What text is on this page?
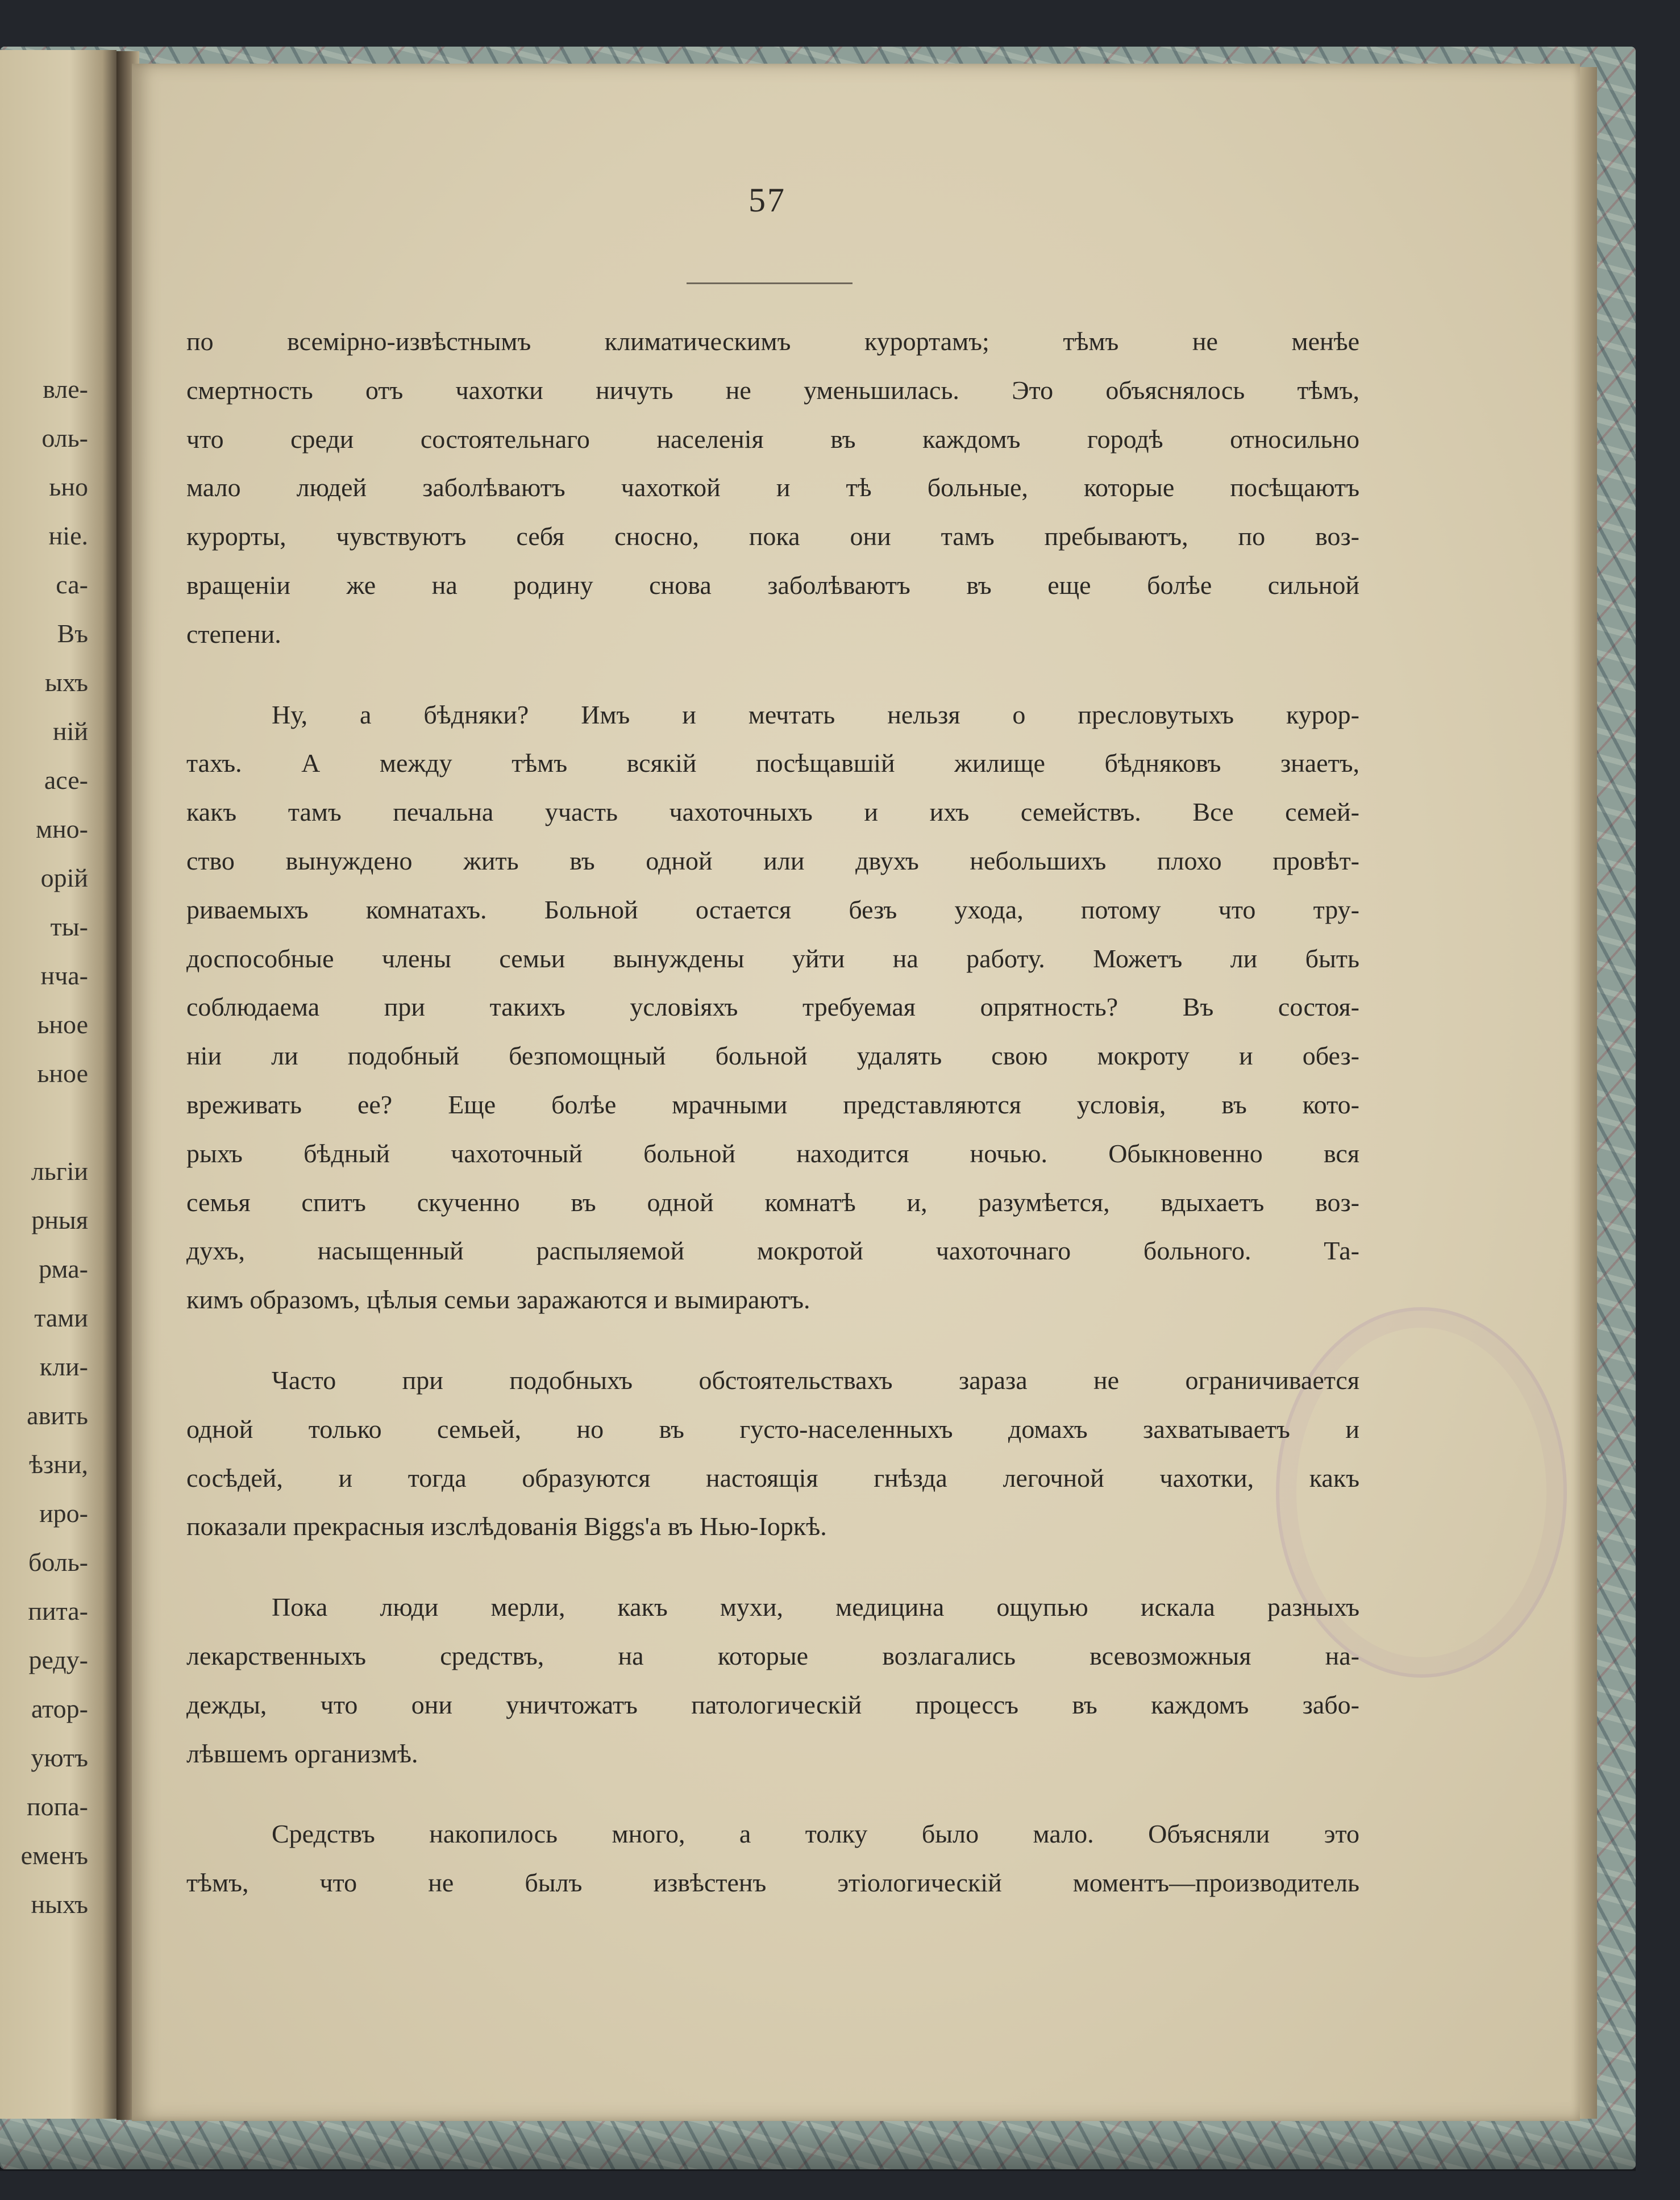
вле-
оль-
ьно
ніе.
са-
Въ
ыхъ
ній
асе-
мно-
орій
ты-
нча-
ьное
ьное
льгіи
рныя
рма-
тами
кли-
авить
ѣзни,
иро-
боль-
пита-
реду-
атор-
уютъ
попа-
еменъ
ныхъ
57
по всемірно-извѣстнымъ климатическимъ курортамъ; тѣмъ не менѣе
смертность отъ чахотки ничуть не уменьшилась. Это объяснялось тѣмъ,
что среди состоятельнаго населенія въ каждомъ городѣ относильно
мало людей заболѣваютъ чахоткой и тѣ больные, которые посѣщаютъ
курорты, чувствуютъ себя сносно, пока они тамъ пребываютъ, по воз-
вращеніи же на родину снова заболѣваютъ въ еще болѣе сильной
степени.
Ну, а бѣдняки? Имъ и мечтать нельзя о пресловутыхъ курор-
тахъ. А между тѣмъ всякій посѣщавшій жилище бѣдняковъ знаетъ,
какъ тамъ печальна участь чахоточныхъ и ихъ семействъ. Все семей-
ство вынуждено жить въ одной или двухъ небольшихъ плохо провѣт-
риваемыхъ комнатахъ. Больной остается безъ ухода, потому что тру-
доспособные члены семьи вынуждены уйти на работу. Можетъ ли быть
соблюдаема при такихъ условіяхъ требуемая опрятность? Въ состоя-
ніи ли подобный безпомощный больной удалять свою мокроту и обез-
вреживать ее? Еще болѣе мрачными представляются условія, въ кото-
рыхъ бѣдный чахоточный больной находится ночью. Обыкновенно вся
семья спитъ скученно въ одной комнатѣ и, разумѣется, вдыхаетъ воз-
духъ, насыщенный распыляемой мокротой чахоточнаго больного. Та-
кимъ образомъ, цѣлыя семьи заражаются и вымираютъ.
Часто при подобныхъ обстоятельствахъ зараза не ограничивается
одной только семьей, но въ густо-населенныхъ домахъ захватываетъ и
сосѣдей, и тогда образуются настоящія гнѣзда легочной чахотки, какъ
показали прекрасныя изслѣдованія Biggs'а въ Нью-Іоркѣ.
Пока люди мерли, какъ мухи, медицина ощупью искала разныхъ
лекарственныхъ средствъ, на которые возлагались всевозможныя на-
дежды, что они уничтожатъ патологическій процессъ въ каждомъ забо-
лѣвшемъ организмѣ.
Средствъ накопилось много, а толку было мало. Объясняли это
тѣмъ, что не былъ извѣстенъ этіологическій моментъ—производитель
